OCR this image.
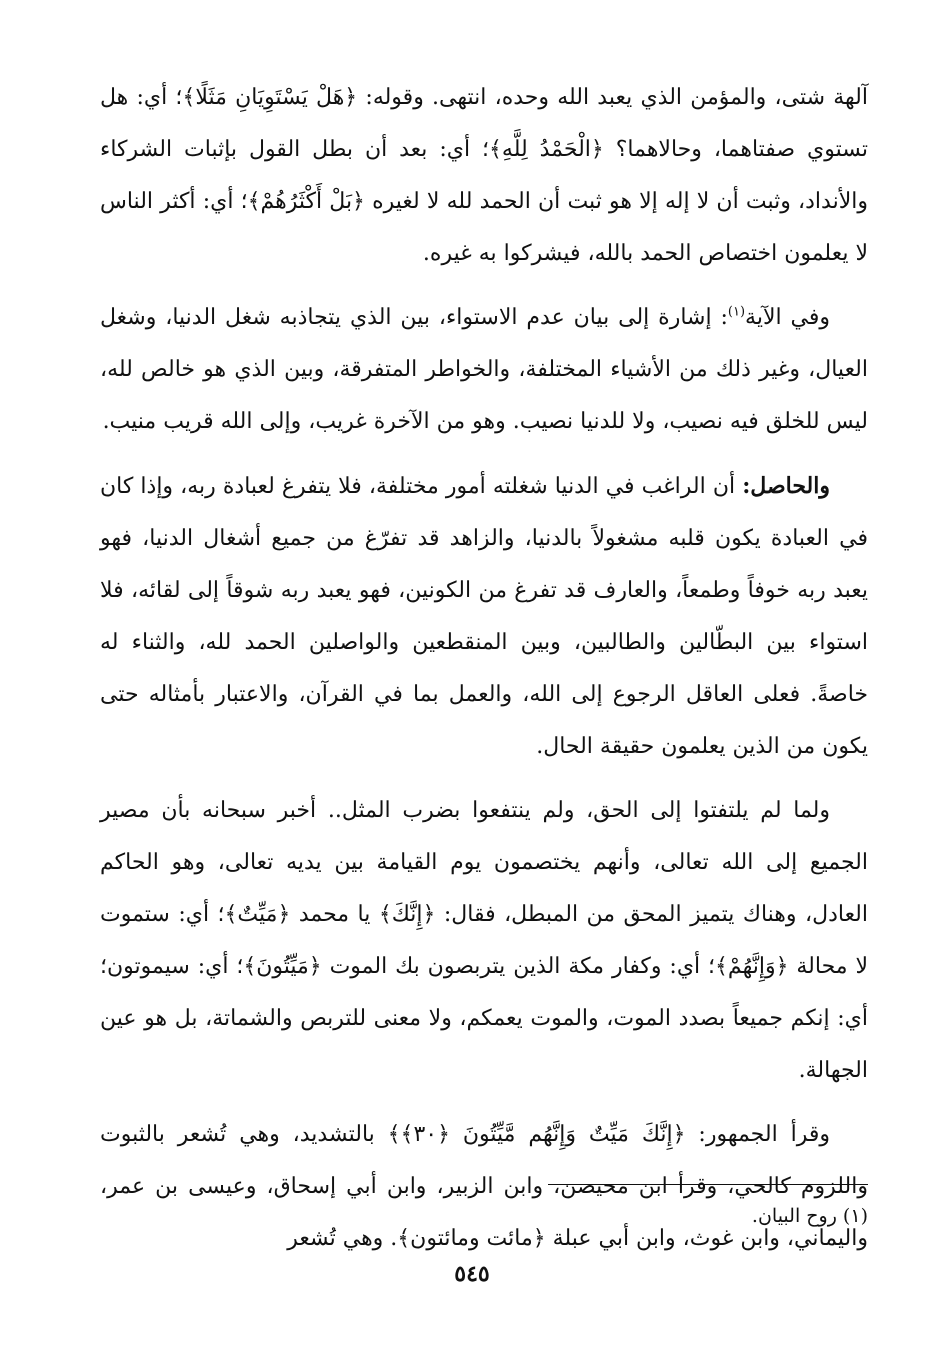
آلهة شتى، والمؤمن الذي يعبد الله وحده، انتهى. وقوله: ﴿هَلْ يَسْتَوِيَانِ مَثَلًا﴾؛ أي: هل تستوي صفتاهما، وحالاهما؟ ﴿الْحَمْدُ لِلَّهِ﴾؛ أي: بعد أن بطل القول بإثبات الشركاء والأنداد، وثبت أن لا إله إلا هو ثبت أن الحمد لله لا لغيره ﴿بَلْ أَكْثَرُهُمْ﴾؛ أي: أكثر الناس لا يعلمون اختصاص الحمد بالله، فيشركوا به غيره.

وفي الآية$^{(١)}$: إشارة إلى بيان عدم الاستواء، بين الذي يتجاذبه شغل الدنيا، وشغل العيال، وغير ذلك من الأشياء المختلفة، والخواطر المتفرقة، وبين الذي هو خالص لله، ليس للخلق فيه نصيب، ولا للدنيا نصيب. وهو من الآخرة غريب، وإلى الله قريب منيب.

والحاصل: أن الراغب في الدنيا شغلته أمور مختلفة، فلا يتفرغ لعبادة ربه، وإذا كان في العبادة يكون قلبه مشغولاً بالدنيا، والزاهد قد تفرّغ من جميع أشغال الدنيا، فهو يعبد ربه خوفاً وطمعاً، والعارف قد تفرغ من الكونين، فهو يعبد ربه شوقاً إلى لقائه، فلا استواء بين البطّالين والطالبين، وبين المنقطعين والواصلين الحمد لله، والثناء له خاصةً. فعلى العاقل الرجوع إلى الله، والعمل بما في القرآن، والاعتبار بأمثاله حتى يكون من الذين يعلمون حقيقة الحال.

ولما لم يلتفتوا إلى الحق، ولم ينتفعوا بضرب المثل.. أخبر سبحانه بأن مصير الجميع إلى الله تعالى، وأنهم يختصمون يوم القيامة بين يديه تعالى، وهو الحاكم العادل، وهناك يتميز المحق من المبطل، فقال: ﴿إِنَّكَ﴾ يا محمد ﴿مَيِّتٌ﴾؛ أي: ستموت لا محالة ﴿وَإِنَّهُمْ﴾؛ أي: وكفار مكة الذين يتربصون بك الموت ﴿مَيِّتُونَ﴾؛ أي: سيموتون؛ أي: إنكم جميعاً بصدد الموت، والموت يعمكم، ولا معنى للتربص والشماتة، بل هو عين الجهالة.

وقرأ الجمهور: ﴿إِنَّكَ مَيِّتٌ وَإِنَّهُم مَّيِّتُونَ ﴿٣٠﴾﴾ بالتشديد، وهي تُشعر بالثبوت واللزوم كالحي، وقرأ ابن محيصن، وابن الزبير، وابن أبي إسحاق، وعيسى بن عمر، واليماني، وابن غوث، وابن أبي عبلة ﴿مائت ومائتون﴾. وهي تُشعر

(١) روح البيان.
٥٤٥
